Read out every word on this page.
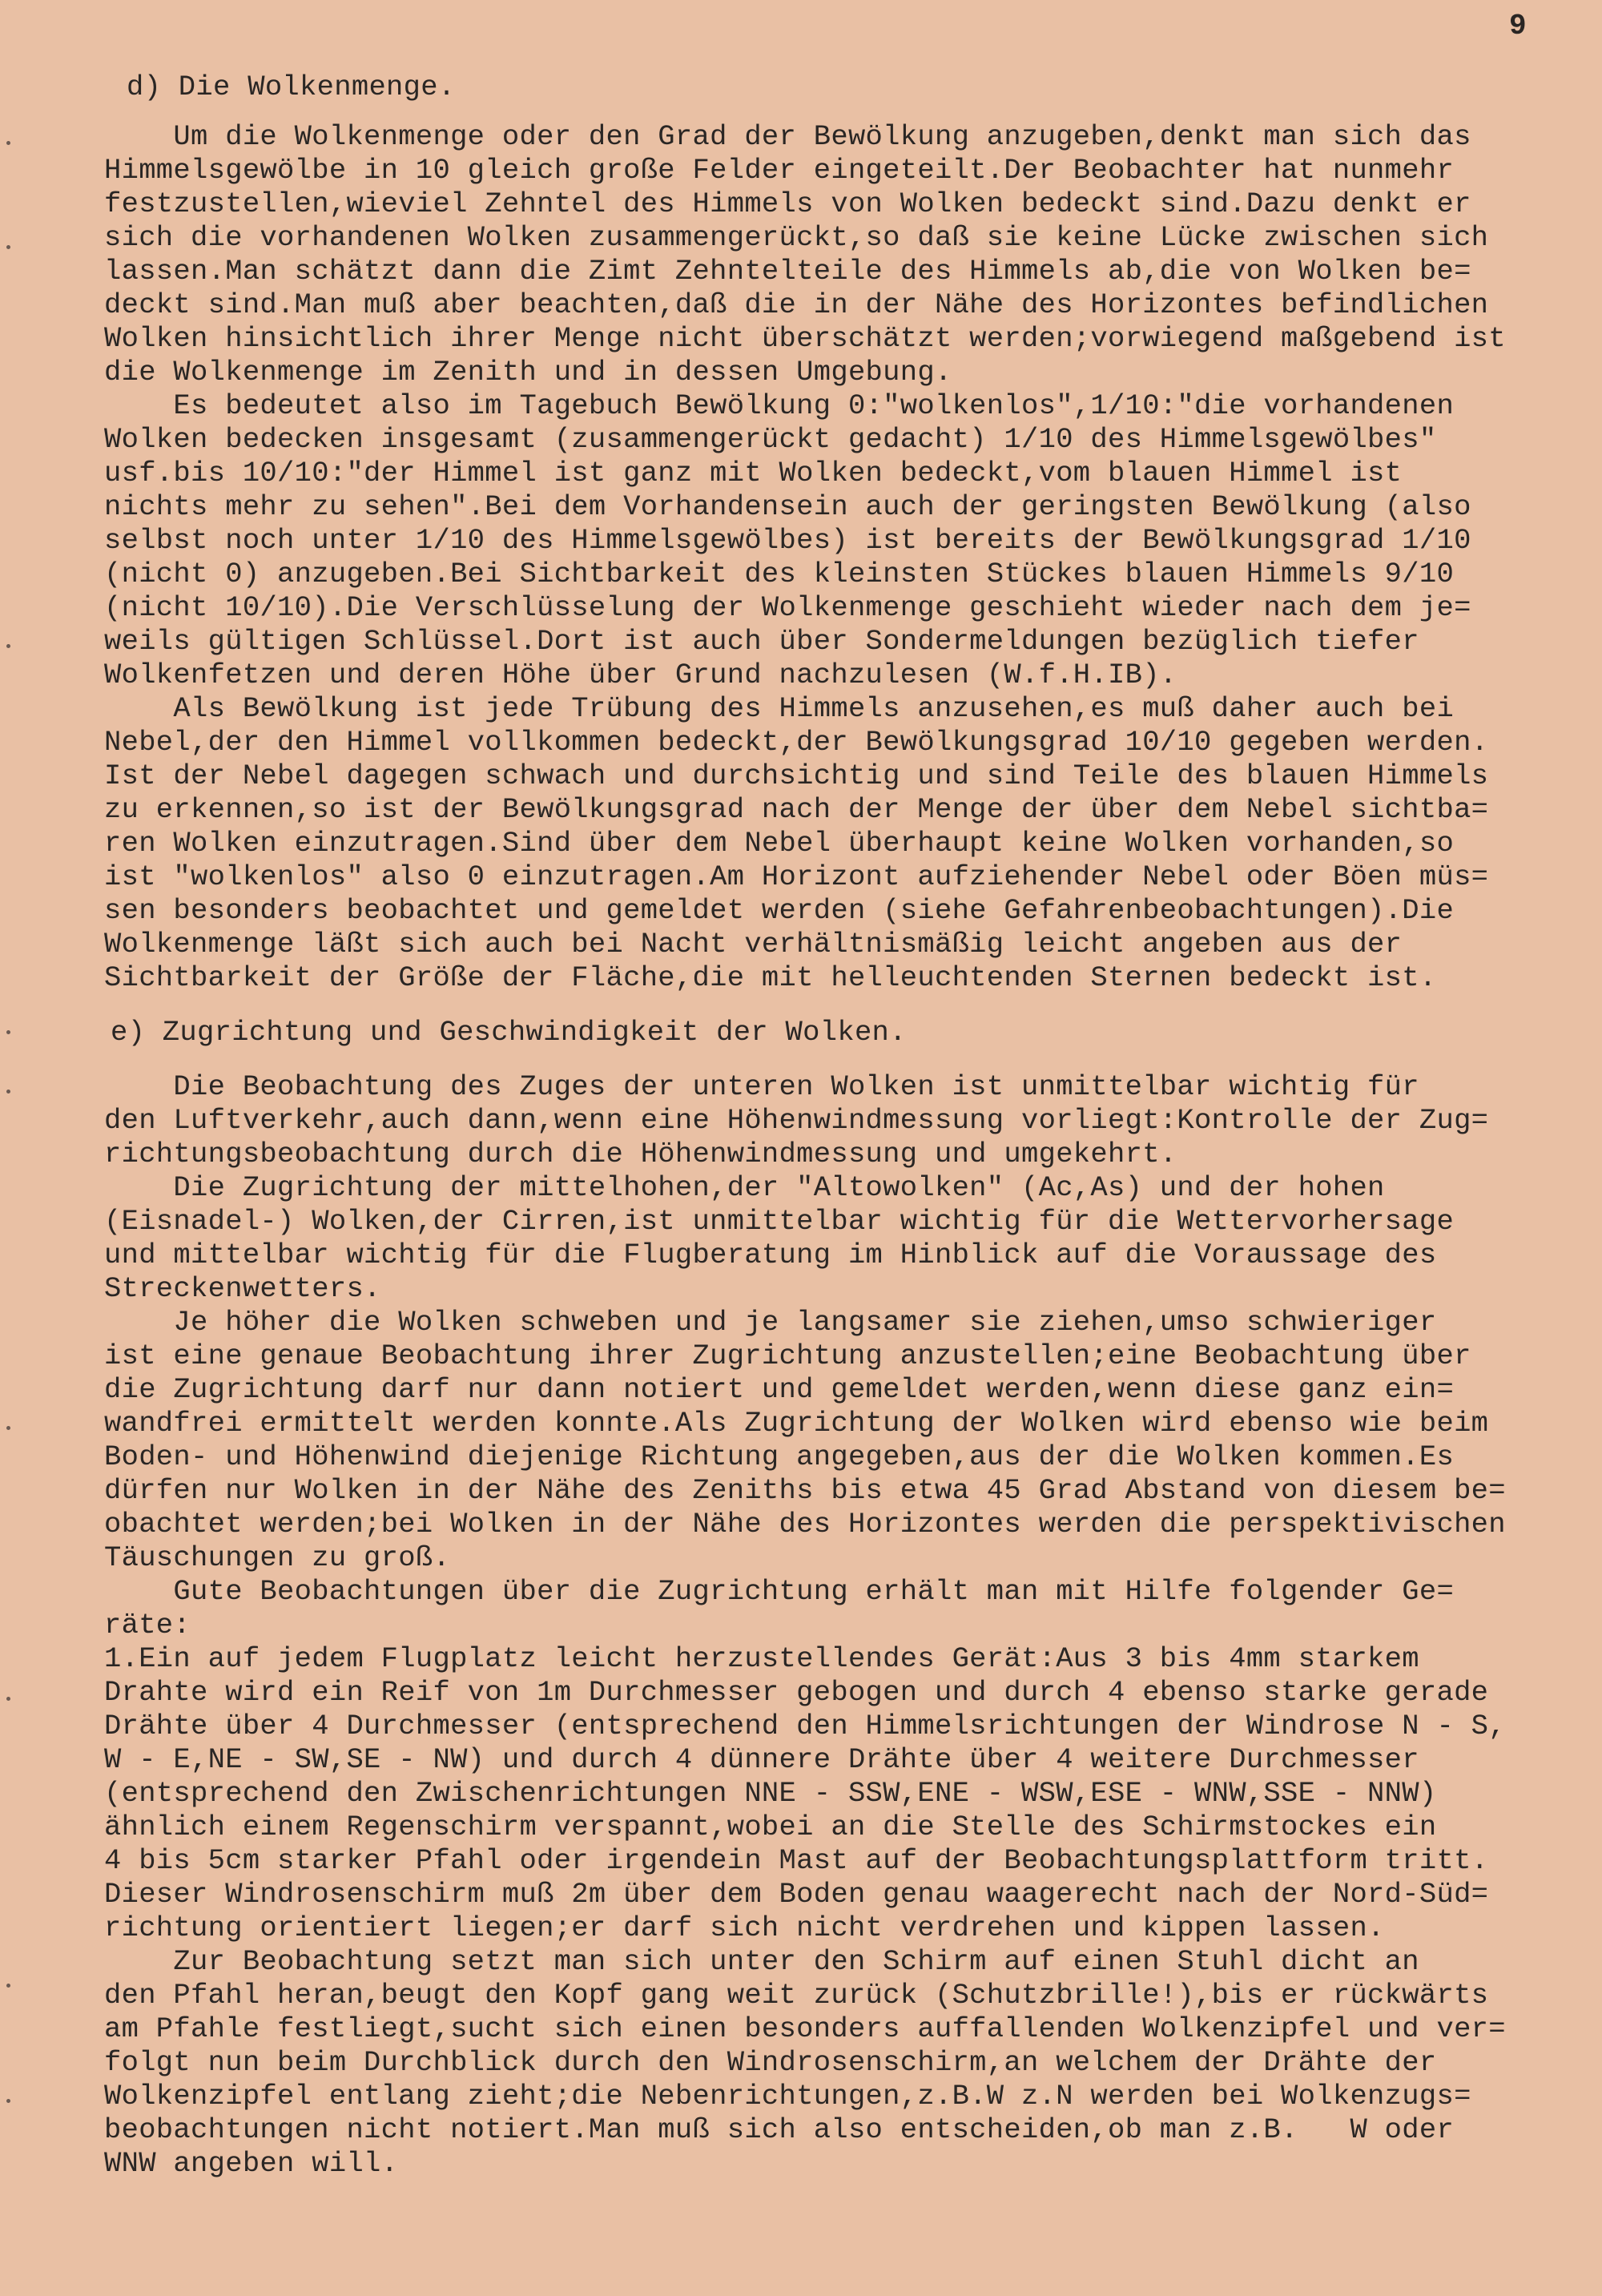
9
d) Die Wolkenmenge.
Um die Wolkenmenge oder den Grad der Bewölkung anzugeben,denkt man sich das
Himmelsgewölbe in 10 gleich große Felder eingeteilt.Der Beobachter hat nunmehr
festzustellen,wieviel Zehntel des Himmels von Wolken bedeckt sind.Dazu denkt er
sich die vorhandenen Wolken zusammengerückt,so daß sie keine Lücke zwischen sich
lassen.Man schätzt dann die Zimt Zehntelteile des Himmels ab,die von Wolken be=
deckt sind.Man muß aber beachten,daß die in der Nähe des Horizontes befindlichen
Wolken hinsichtlich ihrer Menge nicht überschätzt werden;vorwiegend maßgebend ist
die Wolkenmenge im Zenith und in dessen Umgebung.
Es bedeutet also im Tagebuch Bewölkung 0:"wolkenlos",1/10:"die vorhandenen
Wolken bedecken insgesamt (zusammengerückt gedacht) 1/10 des Himmelsgewölbes"
usf.bis 10/10:"der Himmel ist ganz mit Wolken bedeckt,vom blauen Himmel ist
nichts mehr zu sehen".Bei dem Vorhandensein auch der geringsten Bewölkung (also
selbst noch unter 1/10 des Himmelsgewölbes) ist bereits der Bewölkungsgrad 1/10
(nicht 0) anzugeben.Bei Sichtbarkeit des kleinsten Stückes blauen Himmels 9/10
(nicht 10/10).Die Verschlüsselung der Wolkenmenge geschieht wieder nach dem je=
weils gültigen Schlüssel.Dort ist auch über Sondermeldungen bezüglich tiefer
Wolkenfetzen und deren Höhe über Grund nachzulesen (W.f.H.IB).
Als Bewölkung ist jede Trübung des Himmels anzusehen,es muß daher auch bei
Nebel,der den Himmel vollkommen bedeckt,der Bewölkungsgrad 10/10 gegeben werden.
Ist der Nebel dagegen schwach und durchsichtig und sind Teile des blauen Himmels
zu erkennen,so ist der Bewölkungsgrad nach der Menge der über dem Nebel sichtba=
ren Wolken einzutragen.Sind über dem Nebel überhaupt keine Wolken vorhanden,so
ist "wolkenlos" also 0 einzutragen.Am Horizont aufziehender Nebel oder Böen müs=
sen besonders beobachtet und gemeldet werden (siehe Gefahrenbeobachtungen).Die
Wolkenmenge läßt sich auch bei Nacht verhältnismäßig leicht angeben aus der
Sichtbarkeit der Größe der Fläche,die mit helleuchtenden Sternen bedeckt ist.
e) Zugrichtung und Geschwindigkeit der Wolken.
Die Beobachtung des Zuges der unteren Wolken ist unmittelbar wichtig für
den Luftverkehr,auch dann,wenn eine Höhenwindmessung vorliegt:Kontrolle der Zug=
richtungsbeobachtung durch die Höhenwindmessung und umgekehrt.
Die Zugrichtung der mittelhohen,der "Altowolken" (Ac,As) und der hohen
(Eisnadel-) Wolken,der Cirren,ist unmittelbar wichtig für die Wettervorhersage
und mittelbar wichtig für die Flugberatung im Hinblick auf die Voraussage des
Streckenwetters.
Je höher die Wolken schweben und je langsamer sie ziehen,umso schwieriger
ist eine genaue Beobachtung ihrer Zugrichtung anzustellen;eine Beobachtung über
die Zugrichtung darf nur dann notiert und gemeldet werden,wenn diese ganz ein=
wandfrei ermittelt werden konnte.Als Zugrichtung der Wolken wird ebenso wie beim
Boden- und Höhenwind diejenige Richtung angegeben,aus der die Wolken kommen.Es
dürfen nur Wolken in der Nähe des Zeniths bis etwa 45 Grad Abstand von diesem be=
obachtet werden;bei Wolken in der Nähe des Horizontes werden die perspektivischen
Täuschungen zu groß.
Gute Beobachtungen über die Zugrichtung erhält man mit Hilfe folgender Ge=
räte:
1.Ein auf jedem Flugplatz leicht herzustellendes Gerät:Aus 3 bis 4mm starkem
Drahte wird ein Reif von 1m Durchmesser gebogen und durch 4 ebenso starke gerade
Drähte über 4 Durchmesser (entsprechend den Himmelsrichtungen der Windrose N - S,
W - E,NE - SW,SE - NW) und durch 4 dünnere Drähte über 4 weitere Durchmesser
(entsprechend den Zwischenrichtungen NNE - SSW,ENE - WSW,ESE - WNW,SSE - NNW)
ähnlich einem Regenschirm verspannt,wobei an die Stelle des Schirmstockes ein
4 bis 5cm starker Pfahl oder irgendein Mast auf der Beobachtungsplattform tritt.
Dieser Windrosenschirm muß 2m über dem Boden genau waagerecht nach der Nord-Süd=
richtung orientiert liegen;er darf sich nicht verdrehen und kippen lassen.
Zur Beobachtung setzt man sich unter den Schirm auf einen Stuhl dicht an
den Pfahl heran,beugt den Kopf gang weit zurück (Schutzbrille!),bis er rückwärts
am Pfahle festliegt,sucht sich einen besonders auffallenden Wolkenzipfel und ver=
folgt nun beim Durchblick durch den Windrosenschirm,an welchem der Drähte der
Wolkenzipfel entlang zieht;die Nebenrichtungen,z.B.W z.N werden bei Wolkenzugs=
beobachtungen nicht notiert.Man muß sich also entscheiden,ob man z.B.   W oder
WNW angeben will.
